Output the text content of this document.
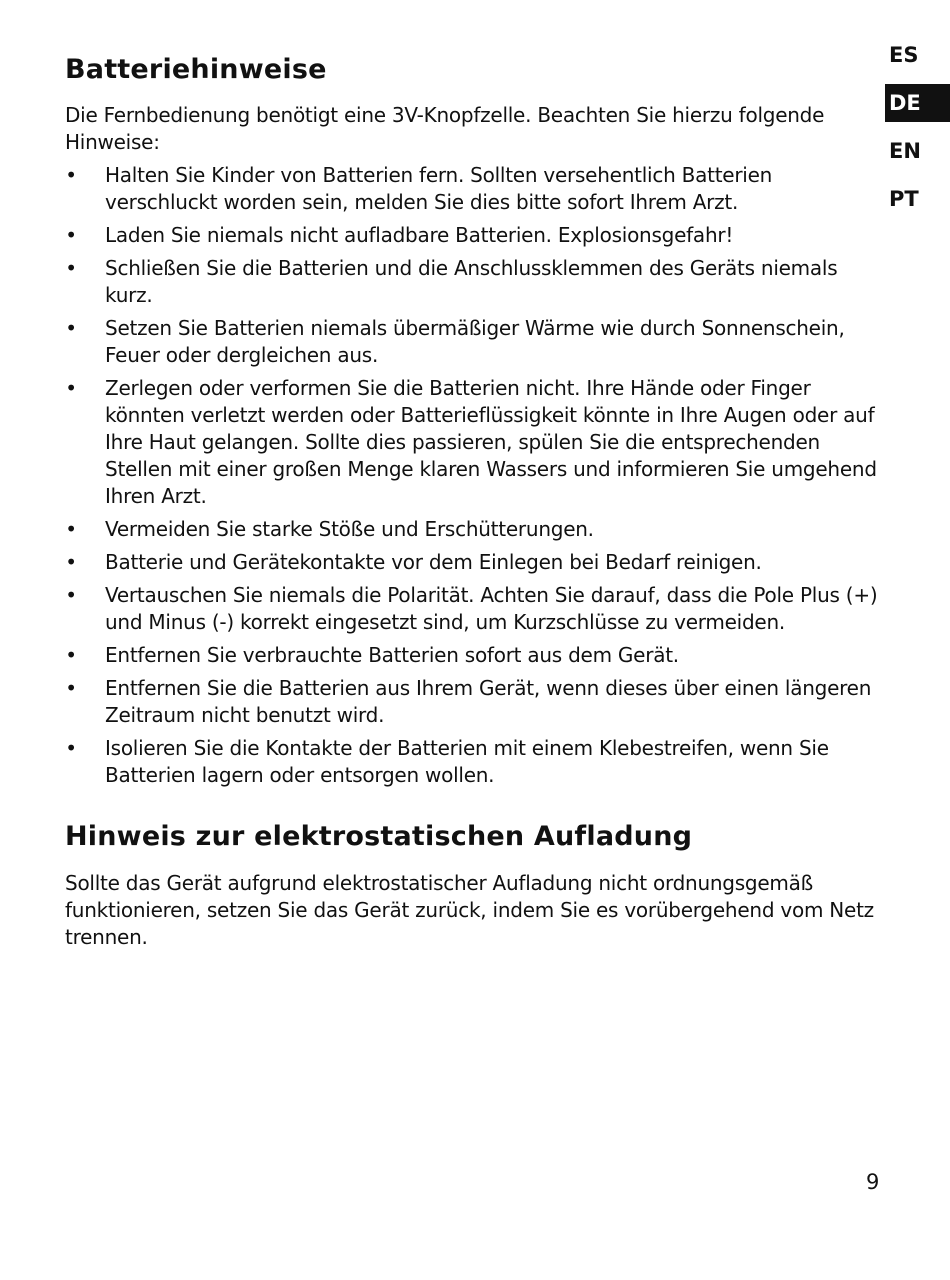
Batteriehinweise

Die Fernbedienung benötigt eine 3V-Knopfzelle. Beachten Sie hierzu folgende Hinweise:

• Halten Sie Kinder von Batterien fern. Sollten versehentlich Batterien verschluckt worden sein, melden Sie dies bitte sofort Ihrem Arzt.
• Laden Sie niemals nicht aufladbare Batterien. Explosionsgefahr!
• Schließen Sie die Batterien und die Anschlussklemmen des Geräts niemals kurz.
• Setzen Sie Batterien niemals übermäßiger Wärme wie durch Sonnenschein, Feuer oder dergleichen aus.
• Zerlegen oder verformen Sie die Batterien nicht. Ihre Hände oder Finger könnten verletzt werden oder Batterieflüssigkeit könnte in Ihre Augen oder auf Ihre Haut gelangen. Sollte dies passieren, spülen Sie die entsprechenden Stellen mit einer großen Menge klaren Wassers und informieren Sie umgehend Ihren Arzt.
• Vermeiden Sie starke Stöße und Erschütterungen.
• Batterie und Gerätekontakte vor dem Einlegen bei Bedarf reinigen.
• Vertauschen Sie niemals die Polarität. Achten Sie darauf, dass die Pole Plus (+) und Minus (-) korrekt eingesetzt sind, um Kurzschlüsse zu vermeiden.
• Entfernen Sie verbrauchte Batterien sofort aus dem Gerät.
• Entfernen Sie die Batterien aus Ihrem Gerät, wenn dieses über einen längeren Zeitraum nicht benutzt wird.
• Isolieren Sie die Kontakte der Batterien mit einem Klebestreifen, wenn Sie Batterien lagern oder entsorgen wollen.
Hinweis zur elektrostatischen Aufladung

Sollte das Gerät aufgrund elektrostatischer Aufladung nicht ordnungsgemäß funktionieren, setzen Sie das Gerät zurück, indem Sie es vorübergehend vom Netz trennen.

ES
DE
EN
PT
9
